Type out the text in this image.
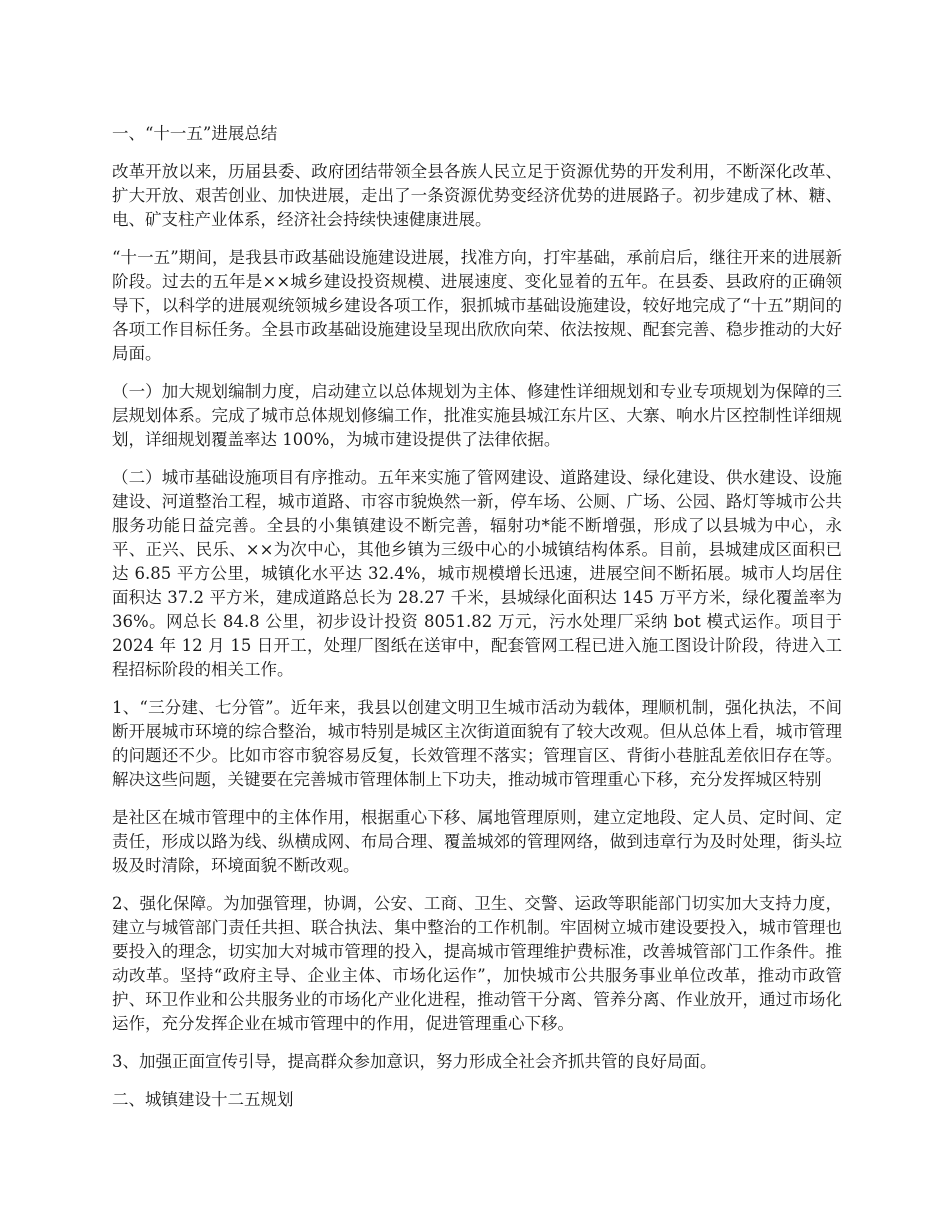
一、“十一五”进展总结

改革开放以来，历届县委、政府团结带领全县各族人民立足于资源优势的开发利用，不断深化改革、扩大开放、艰苦创业、加快进展，走出了一条资源优势变经济优势的进展路子。初步建成了林、糖、电、矿支柱产业体系，经济社会持续快速健康进展。

“十一五”期间，是我县市政基础设施建设进展，找准方向，打牢基础，承前启后，继往开来的进展新阶段。过去的五年是××城乡建设投资规模、进展速度、变化显着的五年。在县委、县政府的正确领导下，以科学的进展观统领城乡建设各项工作，狠抓城市基础设施建设，较好地完成了“十五”期间的各项工作目标任务。全县市政基础设施建设呈现出欣欣向荣、依法按规、配套完善、稳步推动的大好局面。

（一）加大规划编制力度，启动建立以总体规划为主体、修建性详细规划和专业专项规划为保障的三层规划体系。完成了城市总体规划修编工作，批准实施县城江东片区、大寨、响水片区控制性详细规划，详细规划覆盖率达 100%，为城市建设提供了法律依据。

（二）城市基础设施项目有序推动。五年来实施了管网建设、道路建设、绿化建设、供水建设、设施建设、河道整治工程，城市道路、市容市貌焕然一新，停车场、公厕、广场、公园、路灯等城市公共服务功能日益完善。全县的小集镇建设不断完善，辐射功*能不断增强，形成了以县城为中心，永平、正兴、民乐、××为次中心，其他乡镇为三级中心的小城镇结构体系。目前，县城建成区面积已达 6.85 平方公里，城镇化水平达 32.4%，城市规模增长迅速，进展空间不断拓展。城市人均居住面积达 37.2 平方米，建成道路总长为 28.27 千米，县城绿化面积达 145 万平方米，绿化覆盖率为 36%。网总长 84.8 公里，初步设计投资 8051.82 万元，污水处理厂采纳 bot 模式运作。项目于 2024 年 12 月 15 日开工，处理厂图纸在送审中，配套管网工程已进入施工图设计阶段，待进入工程招标阶段的相关工作。

1、“三分建、七分管”。近年来，我县以创建文明卫生城市活动为载体，理顺机制，强化执法，不间断开展城市环境的综合整治，城市特别是城区主次街道面貌有了较大改观。但从总体上看，城市管理的问题还不少。比如市容市貌容易反复，长效管理不落实；管理盲区、背街小巷脏乱差依旧存在等。解决这些问题，关键要在完善城市管理体制上下功夫，推动城市管理重心下移，充分发挥城区特别

是社区在城市管理中的主体作用，根据重心下移、属地管理原则，建立定地段、定人员、定时间、定责任，形成以路为线、纵横成网、布局合理、覆盖城郊的管理网络，做到违章行为及时处理，街头垃圾及时清除，环境面貌不断改观。

2、强化保障。为加强管理，协调，公安、工商、卫生、交警、运政等职能部门切实加大支持力度，建立与城管部门责任共担、联合执法、集中整治的工作机制。牢固树立城市建设要投入，城市管理也要投入的理念，切实加大对城市管理的投入，提高城市管理维护费标准，改善城管部门工作条件。推动改革。坚持“政府主导、企业主体、市场化运作”，加快城市公共服务事业单位改革，推动市政管护、环卫作业和公共服务业的市场化产业化进程，推动管干分离、管养分离、作业放开，通过市场化运作，充分发挥企业在城市管理中的作用，促进管理重心下移。

3、加强正面宣传引导，提高群众参加意识，努力形成全社会齐抓共管的良好局面。

二、城镇建设十二五规划
